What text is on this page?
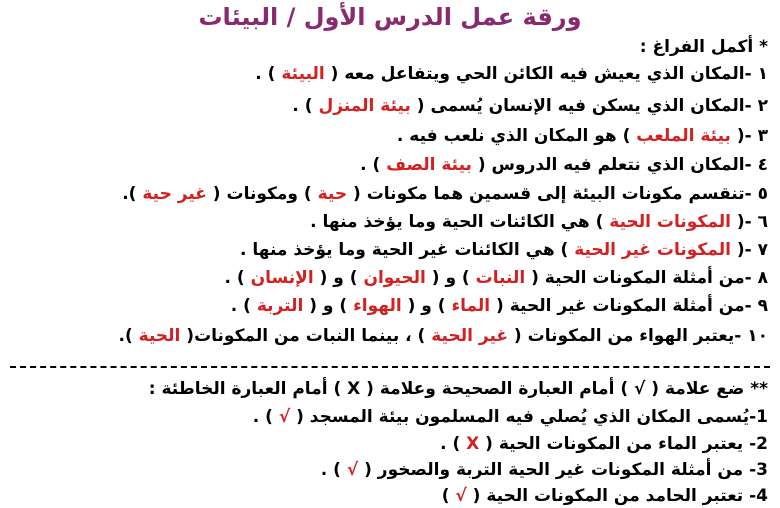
ورقة عمل الدرس الأول / البيئات
* أكمل الفراغ :
١ -المكان الذي يعيش فيه الكائن الحي ويتفاعل معه ( البيئة ) .
٢ -المكان الذي يسكن فيه الإنسان يُسمى ( بيئة المنزل ) .
٣ -( بيئة الملعب ) هو المكان الذي نلعب فيه .
٤ -المكان الذي نتعلم فيه الدروس ( بيئة الصف ) .
٥ -تنقسم مكونات البيئة إلى قسمين هما مكونات ( حية ) ومكونات ( غير حية ).
٦ -( المكونات الحية ) هي الكائنات الحية وما يؤخذ منها .
٧ -( المكونات غير الحية ) هي الكائنات غير الحية وما يؤخذ منها .
٨ -من أمثلة المكونات الحية ( النبات ) و ( الحيوان ) و ( الإنسان ) .
٩ -من أمثلة المكونات غير الحية ( الماء ) و ( الهواء ) و ( التربة ) .
١٠ -يعتبر الهواء من المكونات ( غير الحية ) ، بينما النبات من المكونات( الحية ).
** ضع علامة ( √ ) أمام العبارة الصحيحة وعلامة ( X ) أمام العبارة الخاطئة :
1-يُسمى المكان الذي يُصلي فيه المسلمون بيئة المسجد ( √ ) .
2- يعتبر الماء من المكونات الحية ( X ) .
3- من أمثلة المكونات غير الحية التربة والصخور ( √ ) .
4- تعتبر الحامد من المكونات الحية ( √ )
